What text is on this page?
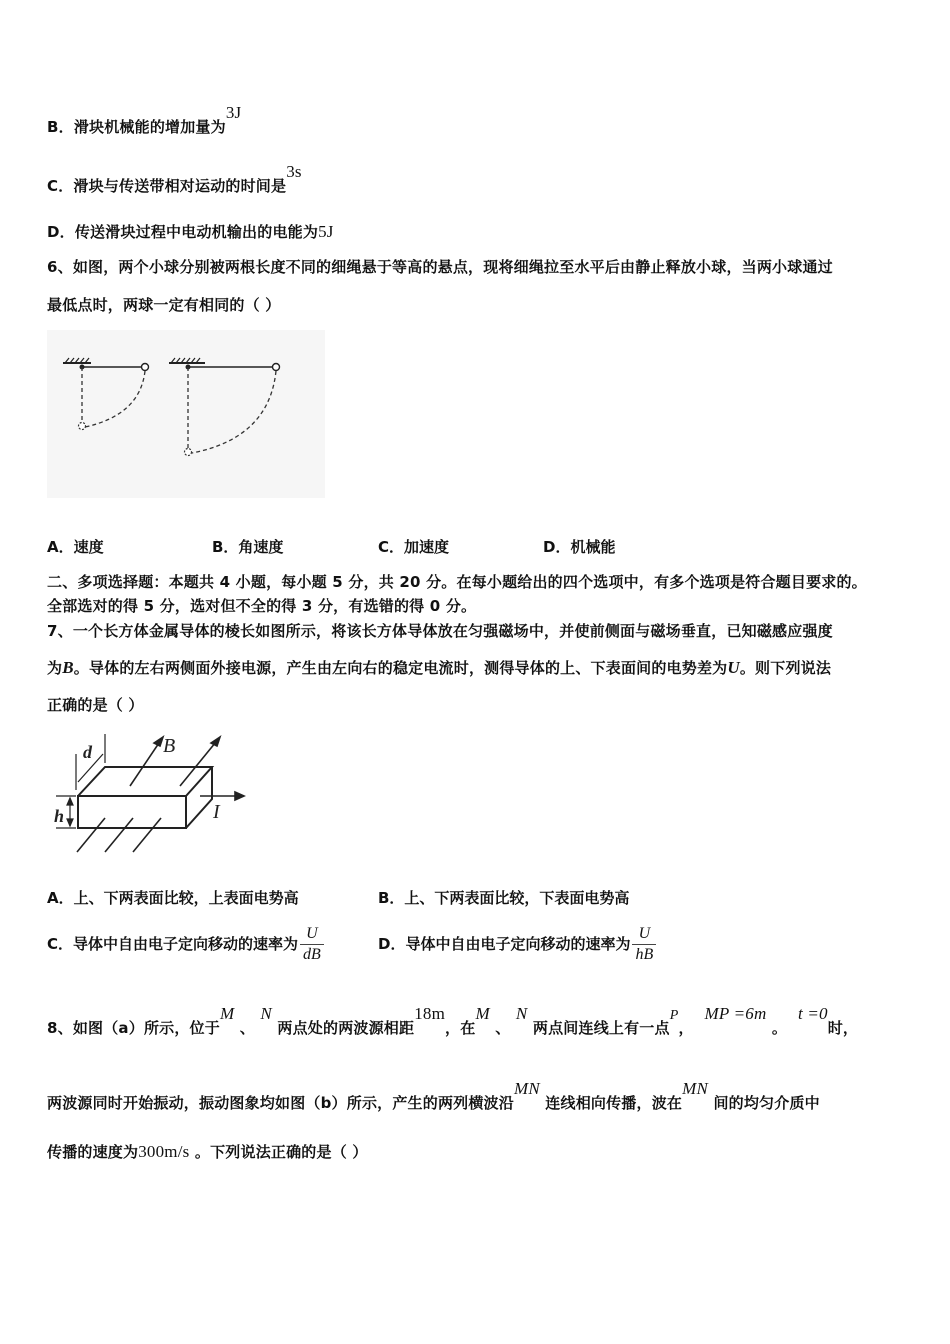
B．滑块机械能的增加量为3J
C．滑块与传送带相对运动的时间是3s
D．传送滑块过程中电动机输出的电能为5J
6、如图，两个小球分别被两根长度不同的细绳悬于等高的悬点，现将细绳拉至水平后由静止释放小球，当两小球通过
最低点时，两球一定有相同的（ ）
A．速度	B．角速度	C．加速度	D．机械能
二、多项选择题：本题共 4 小题，每小题 5 分，共 20 分。在每小题给出的四个选项中，有多个选项是符合题目要求的。
全部选对的得 5 分，选对但不全的得 3 分，有选错的得 0 分。
7、一个长方体金属导体的棱长如图所示，将该长方体导体放在匀强磁场中，并使前侧面与磁场垂直，已知磁感应强度
为B。导体的左右两侧面外接电源，产生由左向右的稳定电流时，测得导体的上、下表面间的电势差为U。则下列说法
正确的是（ ）
d	B
h	I
A．上、下两表面比较，上表面电势高	B．上、下两表面比较，下表面电势高
C．导体中自由电子定向移动的速率为 $\frac{U}{dB}$	D．导体中自由电子定向移动的速率为 $\frac{U}{hB}$
8、如图（a）所示，位于M 、 N 两点处的两波源相距18m，在M 、 N 两点间连线上有一点P，  MP =6m 。  t =0时，
两波源同时开始振动，振动图象均如图（b）所示，产生的两列横波沿MN 连线相向传播，波在MN 间的均匀介质中
传播的速度为300m/s 。下列说法正确的是（ ）
